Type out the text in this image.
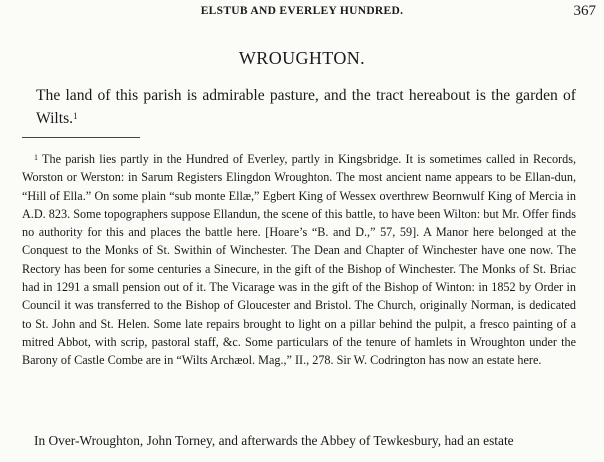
ELSTUB AND EVERLEY HUNDRED.	367
WROUGHTON.

The land of this parish is admirable pasture, and the tract hereabout is the garden of Wilts.$^1$

$^1$ The parish lies partly in the Hundred of Everley, partly in Kingsbridge. It is sometimes called in Records, Worston or Werston: in Sarum Registers Elingdon Wroughton. The most ancient name appears to be Ellan-dun, “Hill of Ella.” On some plain “sub monte Ellæ,” Egbert King of Wessex overthrew Beornwulf King of Mercia in A.D. 823. Some topographers suppose Ellandun, the scene of this battle, to have been Wilton: but Mr. Offer finds no authority for this and places the battle here. [Hoare’s “B. and D.,” 57, 59]. A Manor here belonged at the Conquest to the Monks of St. Swithin of Winchester. The Dean and Chapter of Winchester have one now. The Rectory has been for some centuries a Sinecure, in the gift of the Bishop of Winchester. The Monks of St. Briac had in 1291 a small pension out of it. The Vicarage was in the gift of the Bishop of Winton: in 1852 by Order in Council it was transferred to the Bishop of Gloucester and Bristol. The Church, originally Norman, is dedicated to St. John and St. Helen. Some late repairs brought to light on a pillar behind the pulpit, a fresco painting of a mitred Abbot, with scrip, pastoral staff, &c. Some particulars of the tenure of hamlets in Wroughton under the Barony of Castle Combe are in “Wilts Archæol. Mag.,” II., 278. Sir W. Codrington has now an estate here.

In Over-Wroughton, John Torney, and afterwards the Abbey of Tewkesbury, had an estate
